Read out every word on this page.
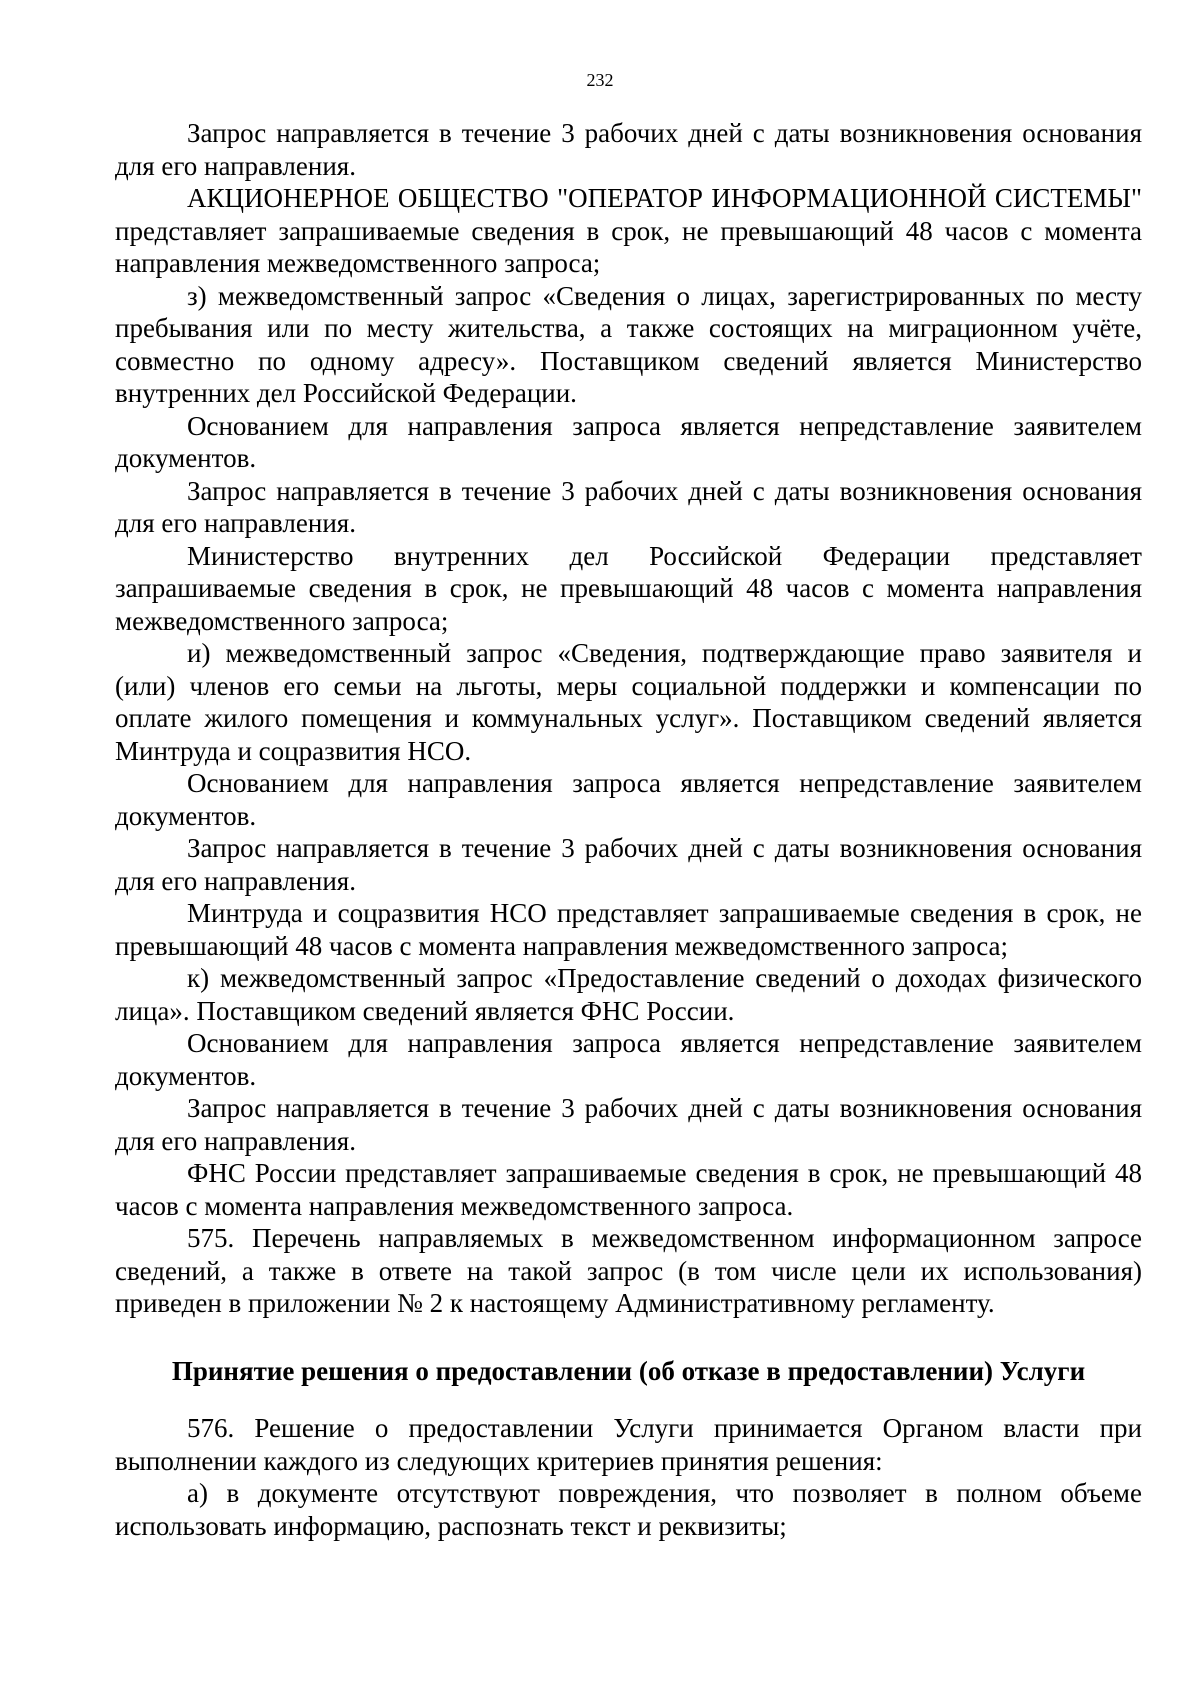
232

Запрос направляется в течение 3 рабочих дней с даты возникновения основания для его направления.

АКЦИОНЕРНОЕ ОБЩЕСТВО "ОПЕРАТОР ИНФОРМАЦИОННОЙ СИСТЕМЫ" представляет запрашиваемые сведения в срок, не превышающий 48 часов с момента направления межведомственного запроса;

з) межведомственный запрос «Сведения о лицах, зарегистрированных по месту пребывания или по месту жительства, а также состоящих на миграционном учёте, совместно по одному адресу». Поставщиком сведений является Министерство внутренних дел Российской Федерации.

Основанием для направления запроса является непредставление заявителем документов.

Запрос направляется в течение 3 рабочих дней с даты возникновения основания для его направления.

Министерство внутренних дел Российской Федерации представляет запрашиваемые сведения в срок, не превышающий 48 часов с момента направления межведомственного запроса;

и) межведомственный запрос «Сведения, подтверждающие право заявителя и (или) членов его семьи на льготы, меры социальной поддержки и компенсации по оплате жилого помещения и коммунальных услуг». Поставщиком сведений является Минтруда и соцразвития НСО.

Основанием для направления запроса является непредставление заявителем документов.

Запрос направляется в течение 3 рабочих дней с даты возникновения основания для его направления.

Минтруда и соцразвития НСО представляет запрашиваемые сведения в срок, не превышающий 48 часов с момента направления межведомственного запроса;

к) межведомственный запрос «Предоставление сведений о доходах физического лица». Поставщиком сведений является ФНС России.

Основанием для направления запроса является непредставление заявителем документов.

Запрос направляется в течение 3 рабочих дней с даты возникновения основания для его направления.

ФНС России представляет запрашиваемые сведения в срок, не превышающий 48 часов с момента направления межведомственного запроса.

575. Перечень направляемых в межведомственном информационном запросе сведений, а также в ответе на такой запрос (в том числе цели их использования) приведен в приложении № 2 к настоящему Административному регламенту.

Принятие решения о предоставлении (об отказе в предоставлении) Услуги

576. Решение о предоставлении Услуги принимается Органом власти при выполнении каждого из следующих критериев принятия решения:

а) в документе отсутствуют повреждения, что позволяет в полном объеме использовать информацию, распознать текст и реквизиты;
